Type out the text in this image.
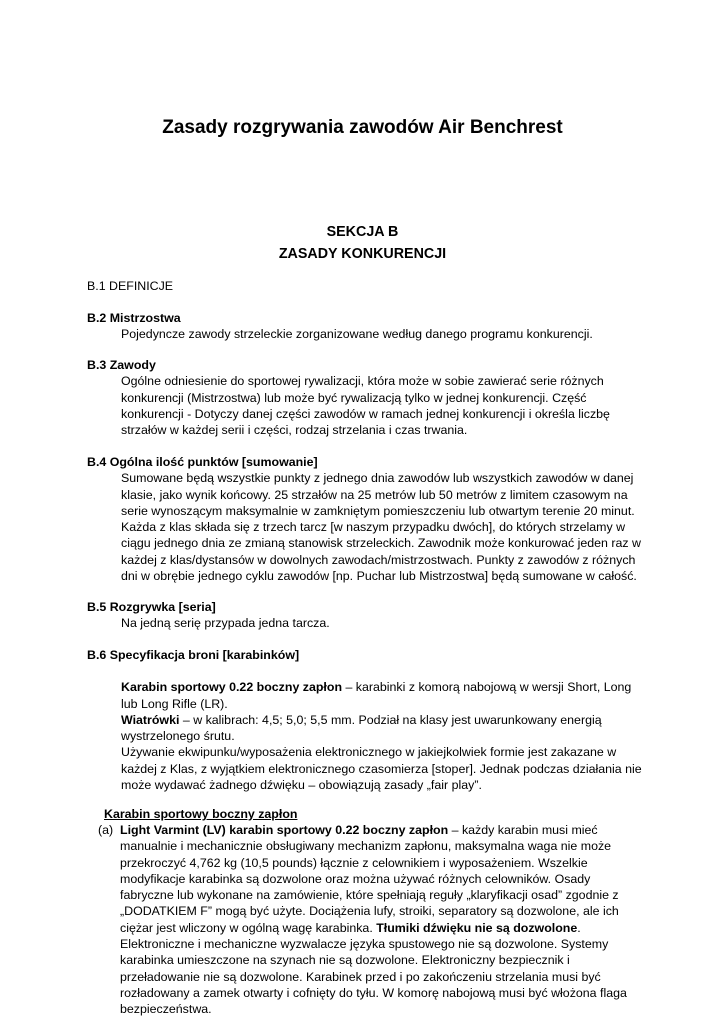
Zasady rozgrywania zawodów Air Benchrest
SEKCJA B
ZASADY KONKURENCJI
B.1 DEFINICJE
B.2 Mistrzostwa

Pojedyncze zawody strzeleckie zorganizowane według danego programu konkurencji.

B.3 Zawody

Ogólne odniesienie do sportowej rywalizacji, która może w sobie zawierać serie różnych konkurencji (Mistrzostwa) lub może być rywalizacją tylko w jednej konkurencji. Część konkurencji - Dotyczy danej części zawodów w ramach jednej konkurencji i określa liczbę strzałów w każdej serii i części, rodzaj strzelania i czas trwania.

B.4 Ogólna ilość punktów [sumowanie]

Sumowane będą wszystkie punkty z jednego dnia zawodów lub wszystkich zawodów w danej klasie, jako wynik końcowy. 25 strzałów na 25 metrów lub 50 metrów z limitem czasowym na serie wynoszącym maksymalnie w zamkniętym pomieszczeniu lub otwartym terenie 20 minut. Każda z klas składa się z trzech tarcz [w naszym przypadku dwóch], do których strzelamy w ciągu jednego dnia ze zmianą stanowisk strzeleckich. Zawodnik może konkurować jeden raz w każdej z klas/dystansów w dowolnych zawodach/mistrzostwach. Punkty z zawodów z różnych dni w obrębie jednego cyklu zawodów [np. Puchar lub Mistrzostwa] będą sumowane w całość.

B.5 Rozgrywka [seria]

Na jedną serię przypada jedna tarcza.

B.6 Specyfikacja broni [karabinków]

Karabin sportowy 0.22 boczny zapłon – karabinki z komorą nabojową w wersji Short, Long lub Long Rifle (LR).

Wiatrówki – w kalibrach: 4,5; 5,0; 5,5 mm. Podział na klasy jest uwarunkowany energią wystrzelonego śrutu.

Używanie ekwipunku/wyposażenia elektronicznego w jakiejkolwiek formie jest zakazane w każdej z Klas, z wyjątkiem elektronicznego czasomierza [stoper]. Jednak podczas działania nie może wydawać żadnego dźwięku – obowiązują zasady „fair play”.

Karabin sportowy boczny zapłon
(a) Light Varmint (LV) karabin sportowy 0.22 boczny zapłon – każdy karabin musi mieć manualnie i mechanicznie obsługiwany mechanizm zapłonu, maksymalna waga nie może przekroczyć 4,762 kg (10,5 pounds) łącznie z celownikiem i wyposażeniem. Wszelkie modyfikacje karabinka są dozwolone oraz można używać różnych celowników. Osady fabryczne lub wykonane na zamówienie, które spełniają reguły „klaryfikacji osad” zgodnie z „DODATKIEM F” mogą być użyte. Dociążenia lufy, stroiki, separatory są dozwolone, ale ich ciężar jest wliczony w ogólną wagę karabinka. Tłumiki dźwięku nie są dozwolone. Elektroniczne i mechaniczne wyzwalacze języka spustowego nie są dozwolone. Systemy karabinka umieszczone na szynach nie są dozwolone. Elektroniczny bezpiecznik i przeładowanie nie są dozwolone. Karabinek przed i po zakończeniu strzelania musi być rozładowany a zamek otwarty i cofnięty do tyłu. W komorę nabojową musi być włożona flaga bezpieczeństwa.
